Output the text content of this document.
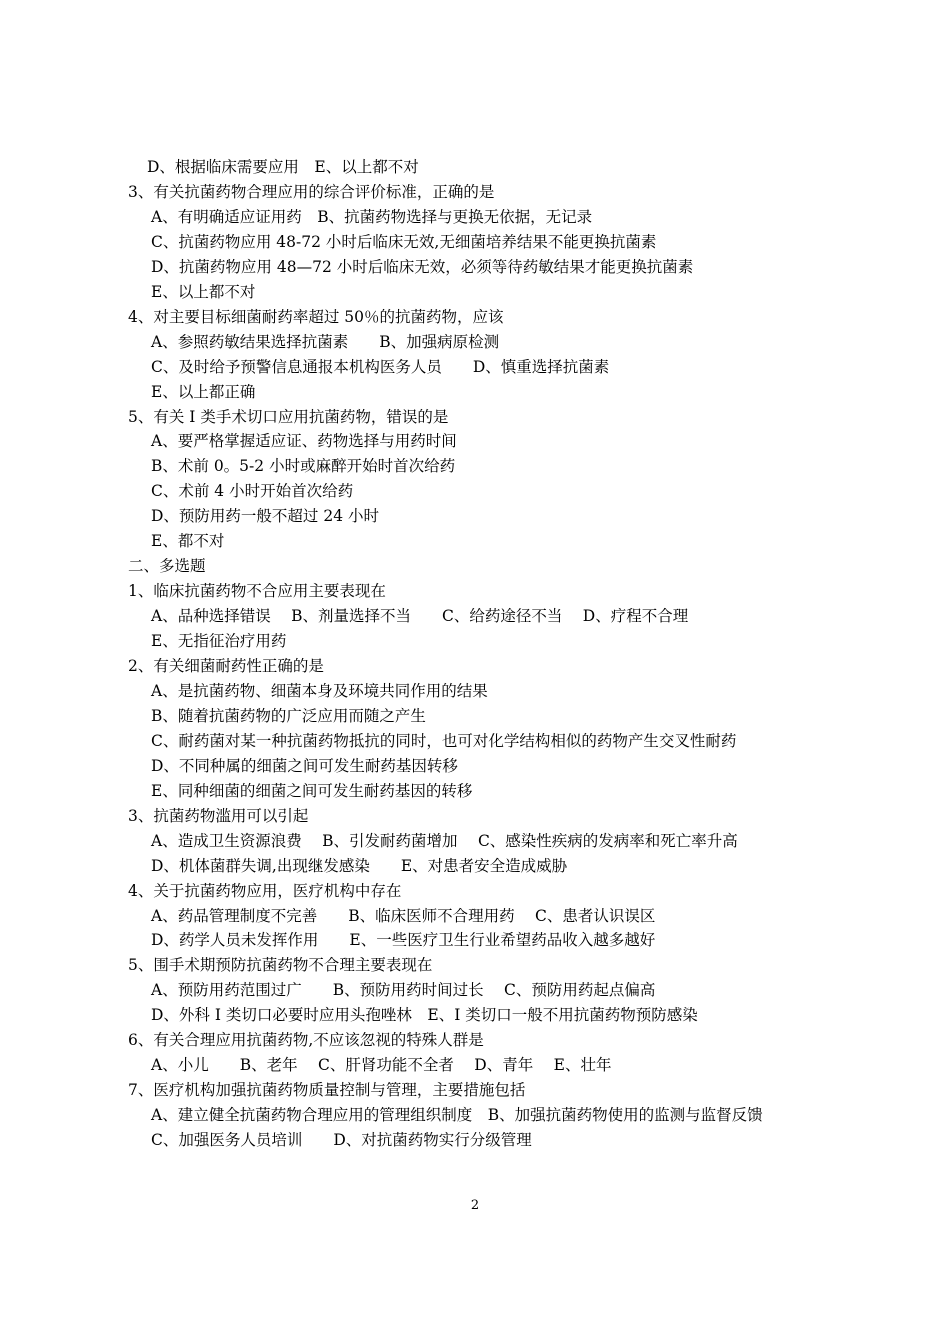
D、根据临床需要应用　E、以上都不对
3、有关抗菌药物合理应用的综合评价标准，正确的是
A、有明确适应证用药　B、抗菌药物选择与更换无依据，无记录
C、抗菌药物应用 48-72 小时后临床无效,无细菌培养结果不能更换抗菌素
D、抗菌药物应用 48—72 小时后临床无效，必须等待药敏结果才能更换抗菌素
E、以上都不对
4、对主要目标细菌耐药率超过 50％的抗菌药物，应该
A、参照药敏结果选择抗菌素　　B、加强病原检测
C、及时给予预警信息通报本机构医务人员　　D、慎重选择抗菌素
E、以上都正确
5、有关 I 类手术切口应用抗菌药物，错误的是
A、要严格掌握适应证、药物选择与用药时间
B、术前 0。5-2 小时或麻醉开始时首次给药
C、术前 4 小时开始首次给药
D、预防用药一般不超过 24 小时
E、都不对
二、多选题
1、临床抗菌药物不合应用主要表现在
A、品种选择错误　 B、剂量选择不当　　C、给药途径不当　 D、疗程不合理
E、无指征治疗用药
2、有关细菌耐药性正确的是
A、是抗菌药物、细菌本身及环境共同作用的结果
B、随着抗菌药物的广泛应用而随之产生
C、耐药菌对某一种抗菌药物抵抗的同时，也可对化学结构相似的药物产生交叉性耐药
D、不同种属的细菌之间可发生耐药基因转移
E、同种细菌的细菌之间可发生耐药基因的转移
3、抗菌药物滥用可以引起
A、造成卫生资源浪费　 B、引发耐药菌增加　 C、感染性疾病的发病率和死亡率升高
D、机体菌群失调,出现继发感染　　E、对患者安全造成威胁
4、关于抗菌药物应用，医疗机构中存在
A、药品管理制度不完善　　B、临床医师不合理用药　 C、患者认识误区
D、药学人员未发挥作用　　E、一些医疗卫生行业希望药品收入越多越好
5、围手术期预防抗菌药物不合理主要表现在
A、预防用药范围过广　　B、预防用药时间过长　 C、预防用药起点偏高
D、外科 I 类切口必要时应用头孢唑林　E、I 类切口一般不用抗菌药物预防感染
6、有关合理应用抗菌药物,不应该忽视的特殊人群是
A、小儿　　B、老年　 C、肝肾功能不全者　 D、青年　 E、壮年
7、医疗机构加强抗菌药物质量控制与管理，主要措施包括
A、建立健全抗菌药物合理应用的管理组织制度　B、加强抗菌药物使用的监测与监督反馈
C、加强医务人员培训　　D、对抗菌药物实行分级管理
2
